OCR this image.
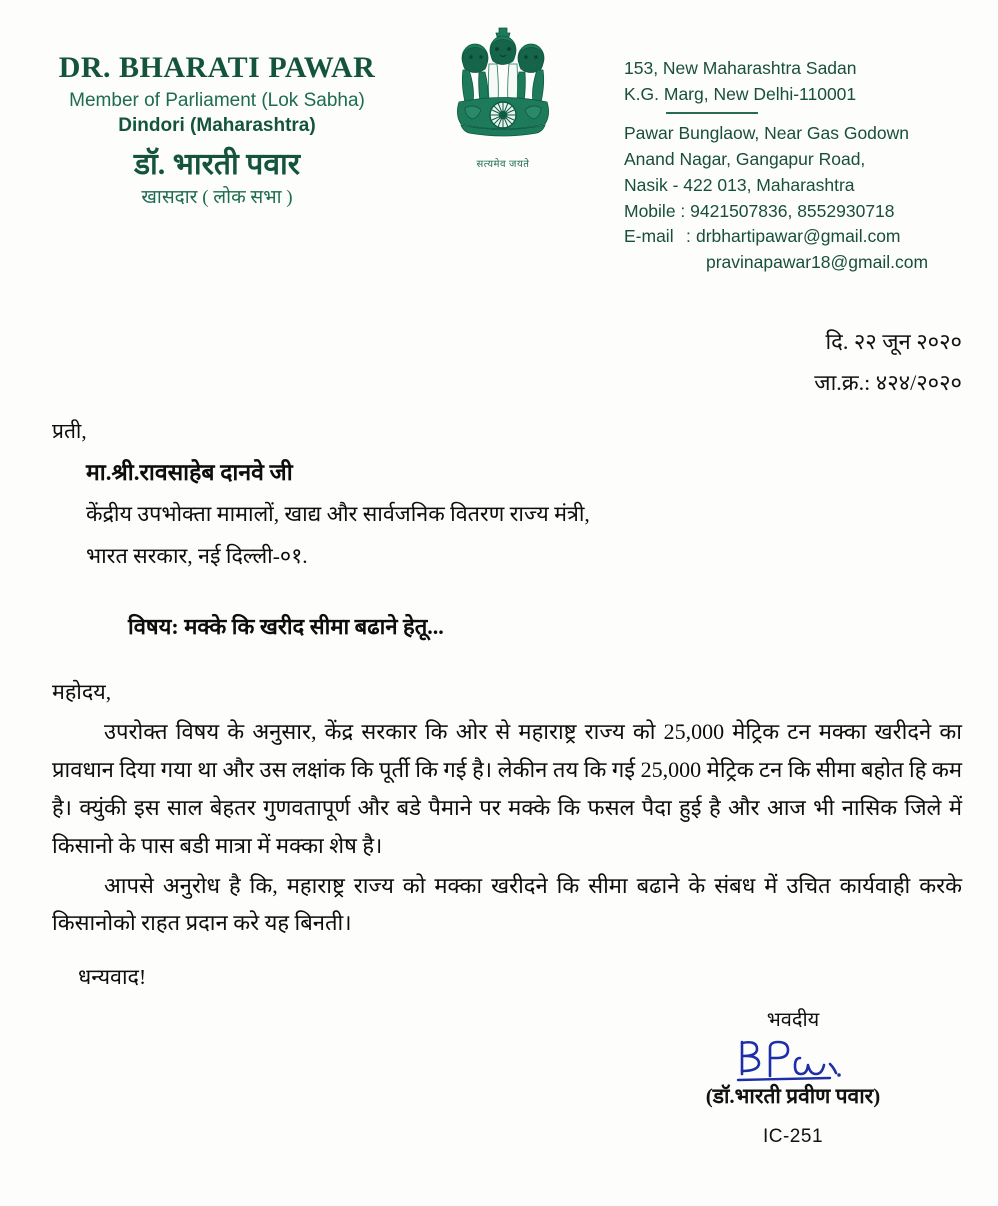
DR. BHARATI PAWAR
Member of Parliament (Lok Sabha)
Dindori (Maharashtra)
डॉ. भारती पवार
खासदार ( लोक सभा )
सत्यमेव जयते
153, New Maharashtra Sadan
K.G. Marg, New Delhi-110001
Pawar Bunglaow, Near Gas Godown
Anand Nagar, Gangapur Road,
Nasik - 422 013, Maharashtra
Mobile : 9421507836, 8552930718
E-mail : drbhartipawar@gmail.com
pravinapawar18@gmail.com
दि. २२ जून २०२०
जा.क्र.: ४२४/२०२०
प्रती,
मा.श्री.रावसाहेब दानवे जी
केंद्रीय उपभोक्ता मामालों, खाद्य और सार्वजनिक वितरण राज्य मंत्री,
भारत सरकार, नई दिल्ली-०१.
विषय: मक्के कि खरीद सीमा बढाने हेतू...
महोदय,
उपरोक्त विषय के अनुसार, केंद्र सरकार कि ओर से महाराष्ट्र राज्य को 25,000 मेट्रिक टन मक्का खरीदने का प्रावधान दिया गया था और उस लक्षांक कि पूर्ती कि गई है। लेकीन तय कि गई 25,000 मेट्रिक टन कि सीमा बहोत हि कम है। क्युंकी इस साल बेहतर गुणवतापूर्ण और बडे पैमाने पर मक्के कि फसल पैदा हुई है और आज भी नासिक जिले में किसानो के पास बडी मात्रा में मक्का शेष है।
आपसे अनुरोध है कि, महाराष्ट्र राज्य को मक्का खरीदने कि सीमा बढाने के संबध में उचित कार्यवाही करके किसानोको राहत प्रदान करे यह बिनती।
धन्यवाद!
भवदीय
(डॉ.भारती प्रवीण पवार)
IC-251
